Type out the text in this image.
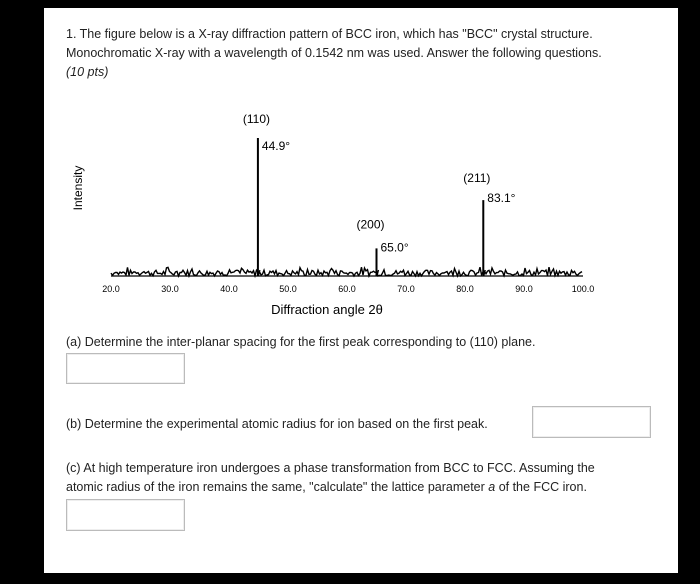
1. The figure below is a X-ray diffraction pattern of BCC iron, which has "BCC" crystal structure.
Monochromatic X-ray with a wavelength of 0.1542 nm was used. Answer the following questions.
(10 pts)
(110)
44.9°
(200)
65.0°
(211)
83.1°
20.0	30.0	40.0	50.0	60.0	70.0	80.0	90.0	100.0
Diffraction angle 2θ
Intensity
(a) Determine the inter-planar spacing for the first peak corresponding to (110) plane.
(b) Determine the experimental atomic radius for ion based on the first peak.
(c) At high temperature iron undergoes a phase transformation from BCC to FCC. Assuming the
atomic radius of the iron remains the same, "calculate" the lattice parameter a of the FCC iron.
